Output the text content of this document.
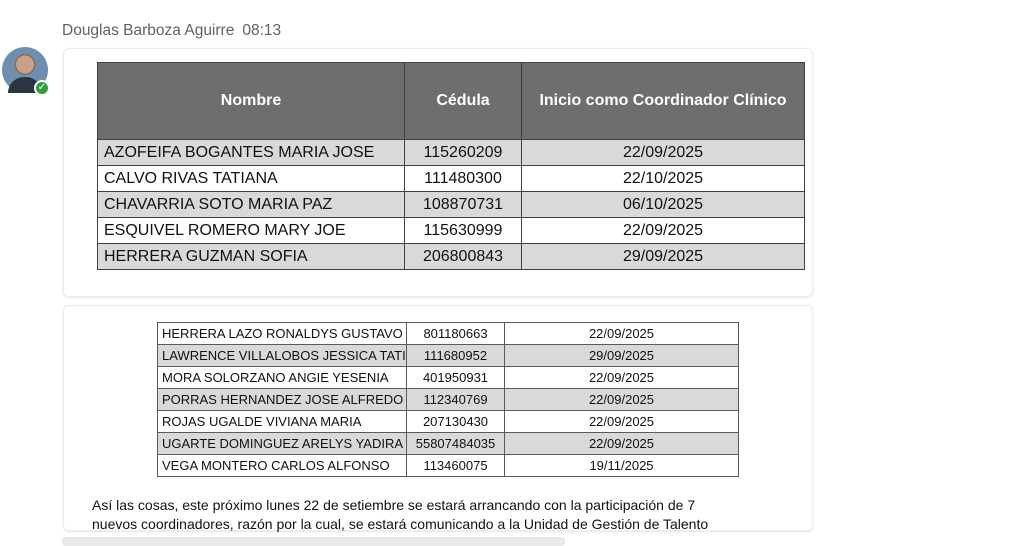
Douglas Barboza Aguirre 08:13
✓
Nombre	Cédula	Inicio como Coordinador Clínico
AZOFEIFA BOGANTES MARIA JOSE	115260209	22/09/2025
CALVO RIVAS TATIANA	111480300	22/10/2025
CHAVARRIA SOTO MARIA PAZ	108870731	06/10/2025
ESQUIVEL ROMERO MARY JOE	115630999	22/09/2025
HERRERA GUZMAN SOFIA	206800843	29/09/2025
HERRERA LAZO RONALDYS GUSTAVO	801180663	22/09/2025
LAWRENCE VILLALOBOS JESSICA TATI	111680952	29/09/2025
MORA SOLORZANO ANGIE YESENIA	401950931	22/09/2025
PORRAS HERNANDEZ JOSE ALFREDO	112340769	22/09/2025
ROJAS UGALDE VIVIANA MARIA	207130430	22/09/2025
UGARTE DOMINGUEZ ARELYS YADIRA	55807484035	22/09/2025
VEGA MONTERO CARLOS ALFONSO	113460075	19/11/2025
Así las cosas, este próximo lunes 22 de setiembre se estará arrancando con la participación de 7
nuevos coordinadores, razón por la cual, se estará comunicando a la Unidad de Gestión de Talento
